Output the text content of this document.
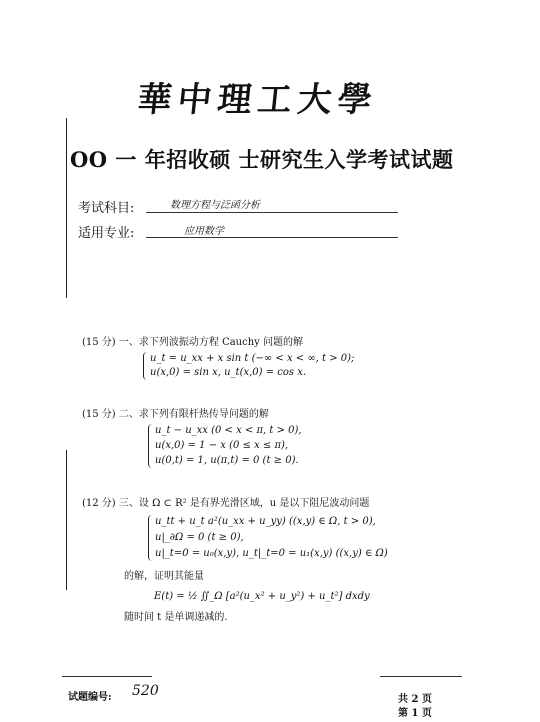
華中理工大學
OO 一 年招收硕 士研究生入学考试试题
考试科目:	数理方程与泛函分析
适用专业:	应用数学
(15 分) 一、求下列波振动方程 Cauchy 问题的解
u_t = u_xx + x sin t (−∞ < x < ∞, t > 0);
u(x,0) = sin x, u_t(x,0) = cos x.
(15 分) 二、求下列有限杆热传导问题的解
u_t − u_xx (0 < x < π, t > 0),
u(x,0) = 1 − x (0 ≤ x ≤ π),
u(0,t) = 1, u(π,t) = 0 (t ≥ 0).
(12 分) 三、设 Ω ⊂ R² 是有界光滑区域，u 是以下阻尼波动问题
u_tt + u_t a²(u_xx + u_yy) ((x,y) ∈ Ω, t > 0),
u|_∂Ω = 0 (t ≥ 0),
u|_t=0 = u₀(x,y), u_t|_t=0 = u₁(x,y) ((x,y) ∈ Ω)
的解，证明其能量
E(t) = ½ ∬_Ω [a²(u_x² + u_y²) + u_t²] dxdy
随时间 t 是单调递减的.
试题编号: 520
共 2 页
第 1 页
